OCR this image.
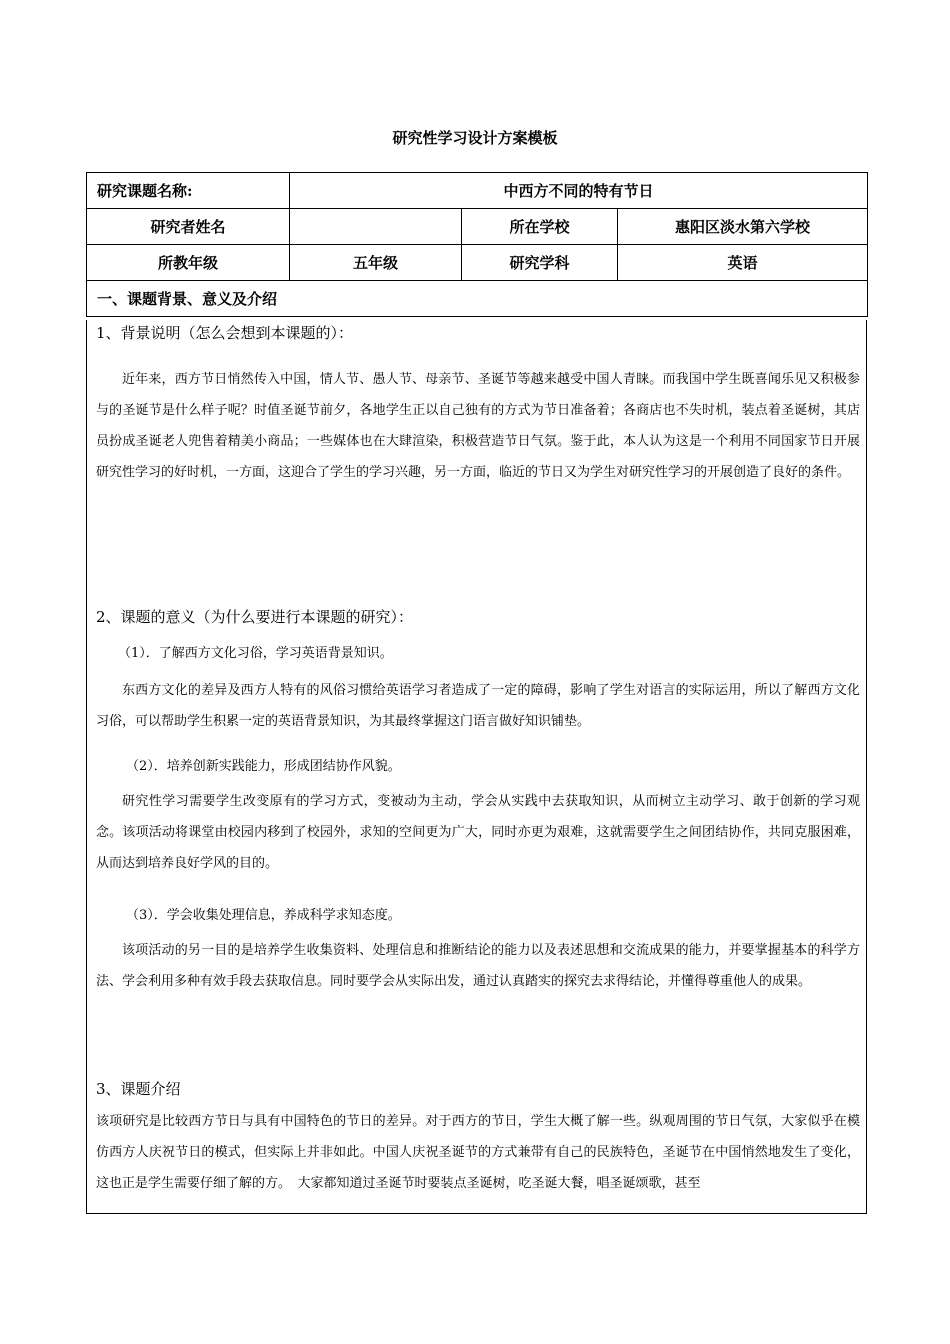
研究性学习设计方案模板
研究课题名称:	中西方不同的特有节日		
研究者姓名		所在学校	惠阳区淡水第六学校
所教年级	五年级	研究学科	英语
一、课题背景、意义及介绍			
1、背景说明（怎么会想到本课题的）：
近年来，西方节日悄然传入中国，情人节、愚人节、母亲节、圣诞节等越来越受中国人青睐。而我国中学生既喜闻乐见又积极参与的圣诞节是什么样子呢？时值圣诞节前夕，各地学生正以自己独有的方式为节日准备着；各商店也不失时机，装点着圣诞树，其店员扮成圣诞老人兜售着精美小商品；一些媒体也在大肆渲染，积极营造节日气氛。鉴于此，本人认为这是一个利用不同国家节日开展研究性学习的好时机，一方面，这迎合了学生的学习兴趣，另一方面，临近的节日又为学生对研究性学习的开展创造了良好的条件。
2、课题的意义（为什么要进行本课题的研究）：
（1）．了解西方文化习俗，学习英语背景知识。
东西方文化的差异及西方人特有的风俗习惯给英语学习者造成了一定的障碍，影响了学生对语言的实际运用，所以了解西方文化习俗，可以帮助学生积累一定的英语背景知识，为其最终掌握这门语言做好知识铺垫。
（2）．培养创新实践能力，形成团结协作风貌。
研究性学习需要学生改变原有的学习方式，变被动为主动，学会从实践中去获取知识，从而树立主动学习、敢于创新的学习观念。该项活动将课堂由校园内移到了校园外，求知的空间更为广大，同时亦更为艰难，这就需要学生之间团结协作，共同克服困难，从而达到培养良好学风的目的。
（3）．学会收集处理信息，养成科学求知态度。
该项活动的另一目的是培养学生收集资料、处理信息和推断结论的能力以及表述思想和交流成果的能力，并要掌握基本的科学方法、学会利用多种有效手段去获取信息。同时要学会从实际出发，通过认真踏实的探究去求得结论，并懂得尊重他人的成果。
3、课题介绍
该项研究是比较西方节日与具有中国特色的节日的差异。对于西方的节日，学生大概了解一些。纵观周围的节日气氛，大家似乎在模仿西方人庆祝节日的模式，但实际上并非如此。中国人庆祝圣诞节的方式兼带有自己的民族特色，圣诞节在中国悄然地发生了变化，这也正是学生需要仔细了解的方。　大家都知道过圣诞节时要装点圣诞树，吃圣诞大餐，唱圣诞颂歌，甚至
